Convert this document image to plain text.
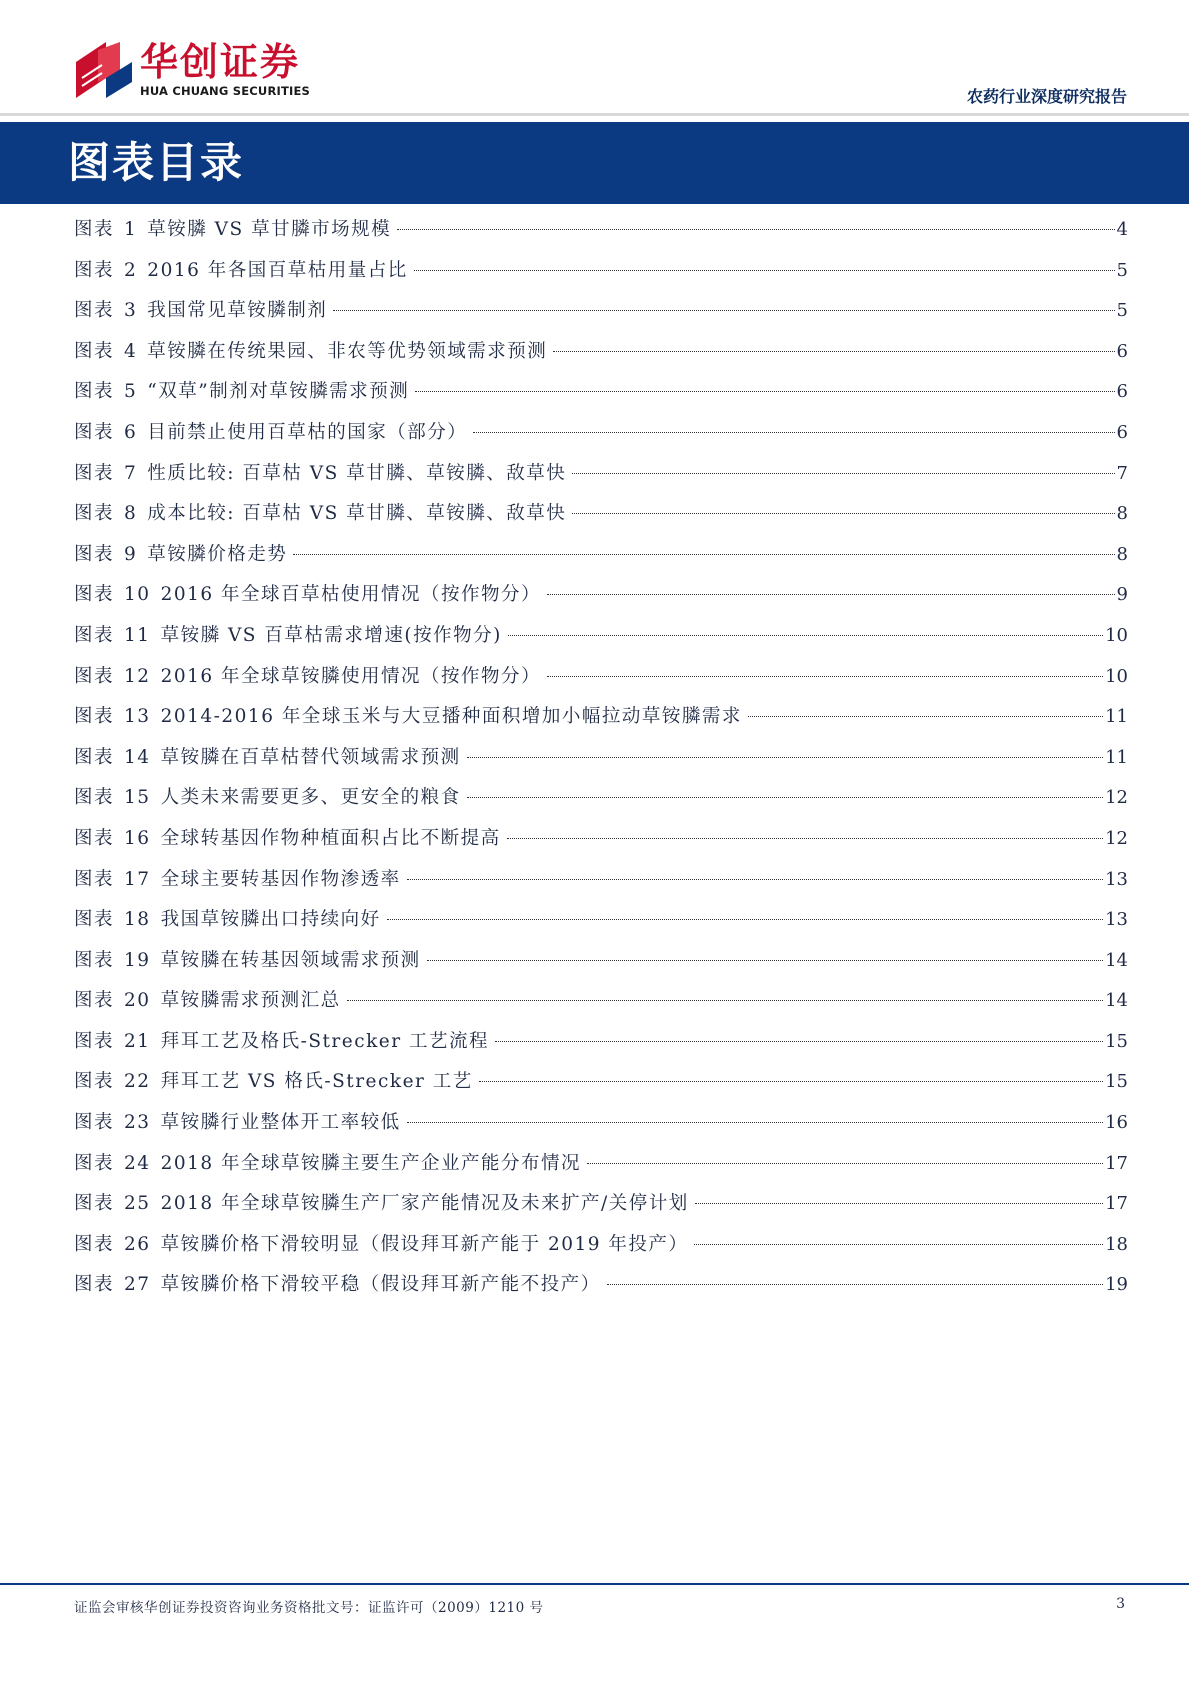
华创证券
HUA CHUANG SECURITIES	农药行业深度研究报告
图表目录
图表 1 草铵膦 VS 草甘膦市场规模	4
图表 2 2016 年各国百草枯用量占比	5
图表 3 我国常见草铵膦制剂	5
图表 4 草铵膦在传统果园、非农等优势领域需求预测	6
图表 5 “双草”制剂对草铵膦需求预测	6
图表 6 目前禁止使用百草枯的国家（部分）	6
图表 7 性质比较: 百草枯 VS 草甘膦、草铵膦、敌草快	7
图表 8 成本比较: 百草枯 VS 草甘膦、草铵膦、敌草快	8
图表 9 草铵膦价格走势	8
图表 10 2016 年全球百草枯使用情况（按作物分）	9
图表 11 草铵膦 VS 百草枯需求增速(按作物分)	10
图表 12 2016 年全球草铵膦使用情况（按作物分）	10
图表 13 2014-2016 年全球玉米与大豆播种面积增加小幅拉动草铵膦需求	11
图表 14 草铵膦在百草枯替代领域需求预测	11
图表 15 人类未来需要更多、更安全的粮食	12
图表 16 全球转基因作物种植面积占比不断提高	12
图表 17 全球主要转基因作物渗透率	13
图表 18 我国草铵膦出口持续向好	13
图表 19 草铵膦在转基因领域需求预测	14
图表 20 草铵膦需求预测汇总	14
图表 21 拜耳工艺及格氏-Strecker 工艺流程	15
图表 22 拜耳工艺 VS 格氏-Strecker 工艺	15
图表 23 草铵膦行业整体开工率较低	16
图表 24 2018 年全球草铵膦主要生产企业产能分布情况	17
图表 25 2018 年全球草铵膦生产厂家产能情况及未来扩产/关停计划	17
图表 26 草铵膦价格下滑较明显（假设拜耳新产能于 2019 年投产）	18
图表 27 草铵膦价格下滑较平稳（假设拜耳新产能不投产）	19
证监会审核华创证券投资咨询业务资格批文号：证监许可（2009）1210 号	3
